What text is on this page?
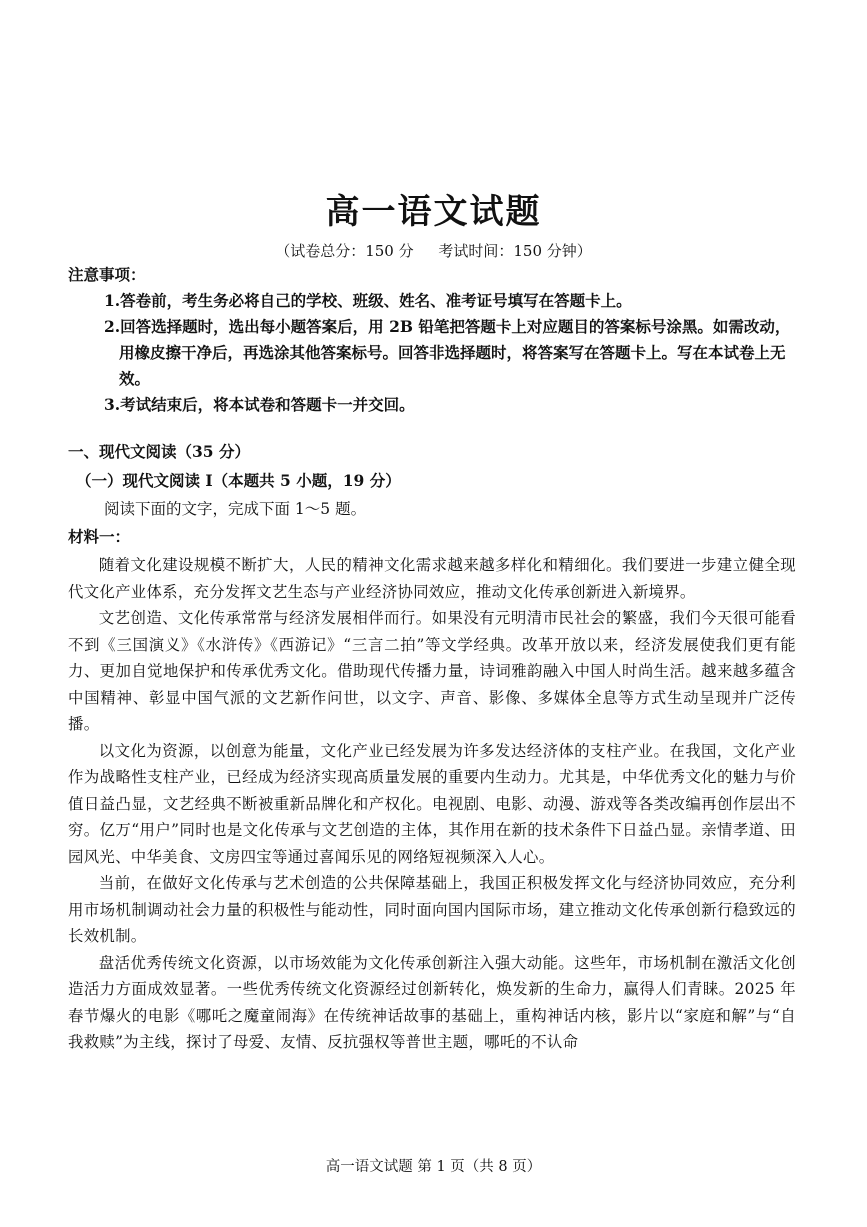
高一语文试题
（试卷总分：150 分 考试时间：150 分钟）
注意事项：
1.答卷前，考生务必将自己的学校、班级、姓名、准考证号填写在答题卡上。
2.回答选择题时，选出每小题答案后，用 2B 铅笔把答题卡上对应题目的答案标号涂黑。如需改动，用橡皮擦干净后，再选涂其他答案标号。回答非选择题时，将答案写在答题卡上。写在本试卷上无效。
3.考试结束后，将本试卷和答题卡一并交回。
一、现代文阅读（35 分）
（一）现代文阅读 I（本题共 5 小题，19 分）
阅读下面的文字，完成下面 1～5 题。
材料一：

随着文化建设规模不断扩大，人民的精神文化需求越来越多样化和精细化。我们要进一步建立健全现代文化产业体系，充分发挥文艺生态与产业经济协同效应，推动文化传承创新进入新境界。

文艺创造、文化传承常常与经济发展相伴而行。如果没有元明清市民社会的繁盛，我们今天很可能看不到《三国演义》《水浒传》《西游记》“三言二拍”等文学经典。改革开放以来，经济发展使我们更有能力、更加自觉地保护和传承优秀文化。借助现代传播力量，诗词雅韵融入中国人时尚生活。越来越多蕴含中国精神、彰显中国气派的文艺新作问世，以文字、声音、影像、多媒体全息等方式生动呈现并广泛传播。

以文化为资源，以创意为能量，文化产业已经发展为许多发达经济体的支柱产业。在我国，文化产业作为战略性支柱产业，已经成为经济实现高质量发展的重要内生动力。尤其是，中华优秀文化的魅力与价值日益凸显，文艺经典不断被重新品牌化和产权化。电视剧、电影、动漫、游戏等各类改编再创作层出不穷。亿万“用户”同时也是文化传承与文艺创造的主体，其作用在新的技术条件下日益凸显。亲情孝道、田园风光、中华美食、文房四宝等通过喜闻乐见的网络短视频深入人心。

当前，在做好文化传承与艺术创造的公共保障基础上，我国正积极发挥文化与经济协同效应，充分利用市场机制调动社会力量的积极性与能动性，同时面向国内国际市场，建立推动文化传承创新行稳致远的长效机制。

盘活优秀传统文化资源，以市场效能为文化传承创新注入强大动能。这些年，市场机制在激活文化创造活力方面成效显著。一些优秀传统文化资源经过创新转化，焕发新的生命力，赢得人们青睐。2025 年春节爆火的电影《哪吒之魔童闹海》在传统神话故事的基础上，重构神话内核，影片以“家庭和解”与“自我救赎”为主线，探讨了母爱、友情、反抗强权等普世主题，哪吒的不认命

高一语文试题 第 1 页（共 8 页）
